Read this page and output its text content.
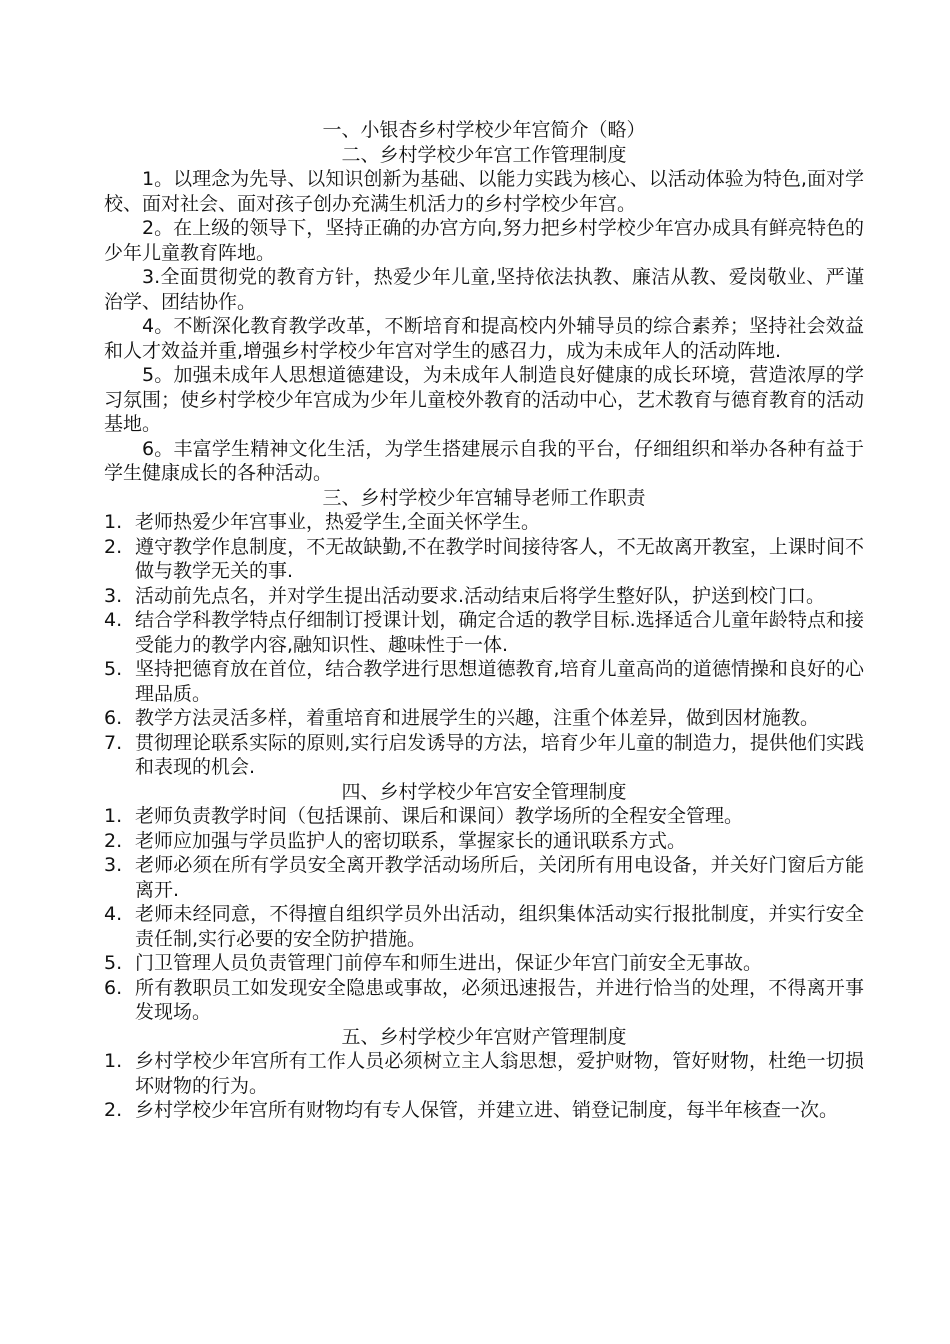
一、小银杏乡村学校少年宫简介（略）
二、乡村学校少年宫工作管理制度

1。以理念为先导、以知识创新为基础、以能力实践为核心、以活动体验为特色,面对学校、面对社会、面对孩子创办充满生机活力的乡村学校少年宫。

2。在上级的领导下，坚持正确的办宫方向,努力把乡村学校少年宫办成具有鲜亮特色的少年儿童教育阵地。

3.全面贯彻党的教育方针，热爱少年儿童,坚持依法执教、廉洁从教、爱岗敬业、严谨治学、团结协作。

4。不断深化教育教学改革，不断培育和提高校内外辅导员的综合素养；坚持社会效益和人才效益并重,增强乡村学校少年宫对学生的感召力，成为未成年人的活动阵地.

5。加强未成年人思想道德建设，为未成年人制造良好健康的成长环境，营造浓厚的学习氛围；使乡村学校少年宫成为少年儿童校外教育的活动中心，艺术教育与德育教育的活动基地。

6。丰富学生精神文化生活，为学生搭建展示自我的平台，仔细组织和举办各种有益于学生健康成长的各种活动。

三、乡村学校少年宫辅导老师工作职责
1. 老师热爱少年宫事业，热爱学生,全面关怀学生。
2. 遵守教学作息制度，不无故缺勤,不在教学时间接待客人，不无故离开教室，上课时间不做与教学无关的事.
3. 活动前先点名，并对学生提出活动要求.活动结束后将学生整好队，护送到校门口。
4. 结合学科教学特点仔细制订授课计划，确定合适的教学目标.选择适合儿童年龄特点和接受能力的教学内容,融知识性、趣味性于一体.
5. 坚持把德育放在首位，结合教学进行思想道德教育,培育儿童高尚的道德情操和良好的心理品质。
6. 教学方法灵活多样，着重培育和进展学生的兴趣，注重个体差异，做到因材施教。
7. 贯彻理论联系实际的原则,实行启发诱导的方法，培育少年儿童的制造力，提供他们实践和表现的机会.
四、乡村学校少年宫安全管理制度
1. 老师负责教学时间（包括课前、课后和课间）教学场所的全程安全管理。
2. 老师应加强与学员监护人的密切联系，掌握家长的通讯联系方式。
3. 老师必须在所有学员安全离开教学活动场所后，关闭所有用电设备，并关好门窗后方能离开.
4. 老师未经同意，不得擅自组织学员外出活动，组织集体活动实行报批制度，并实行安全责任制,实行必要的安全防护措施。
5. 门卫管理人员负责管理门前停车和师生进出，保证少年宫门前安全无事故。
6. 所有教职员工如发现安全隐患或事故，必须迅速报告，并进行恰当的处理，不得离开事发现场。
五、乡村学校少年宫财产管理制度
1. 乡村学校少年宫所有工作人员必须树立主人翁思想，爱护财物，管好财物，杜绝一切损坏财物的行为。
2. 乡村学校少年宫所有财物均有专人保管，并建立进、销登记制度，每半年核查一次。
